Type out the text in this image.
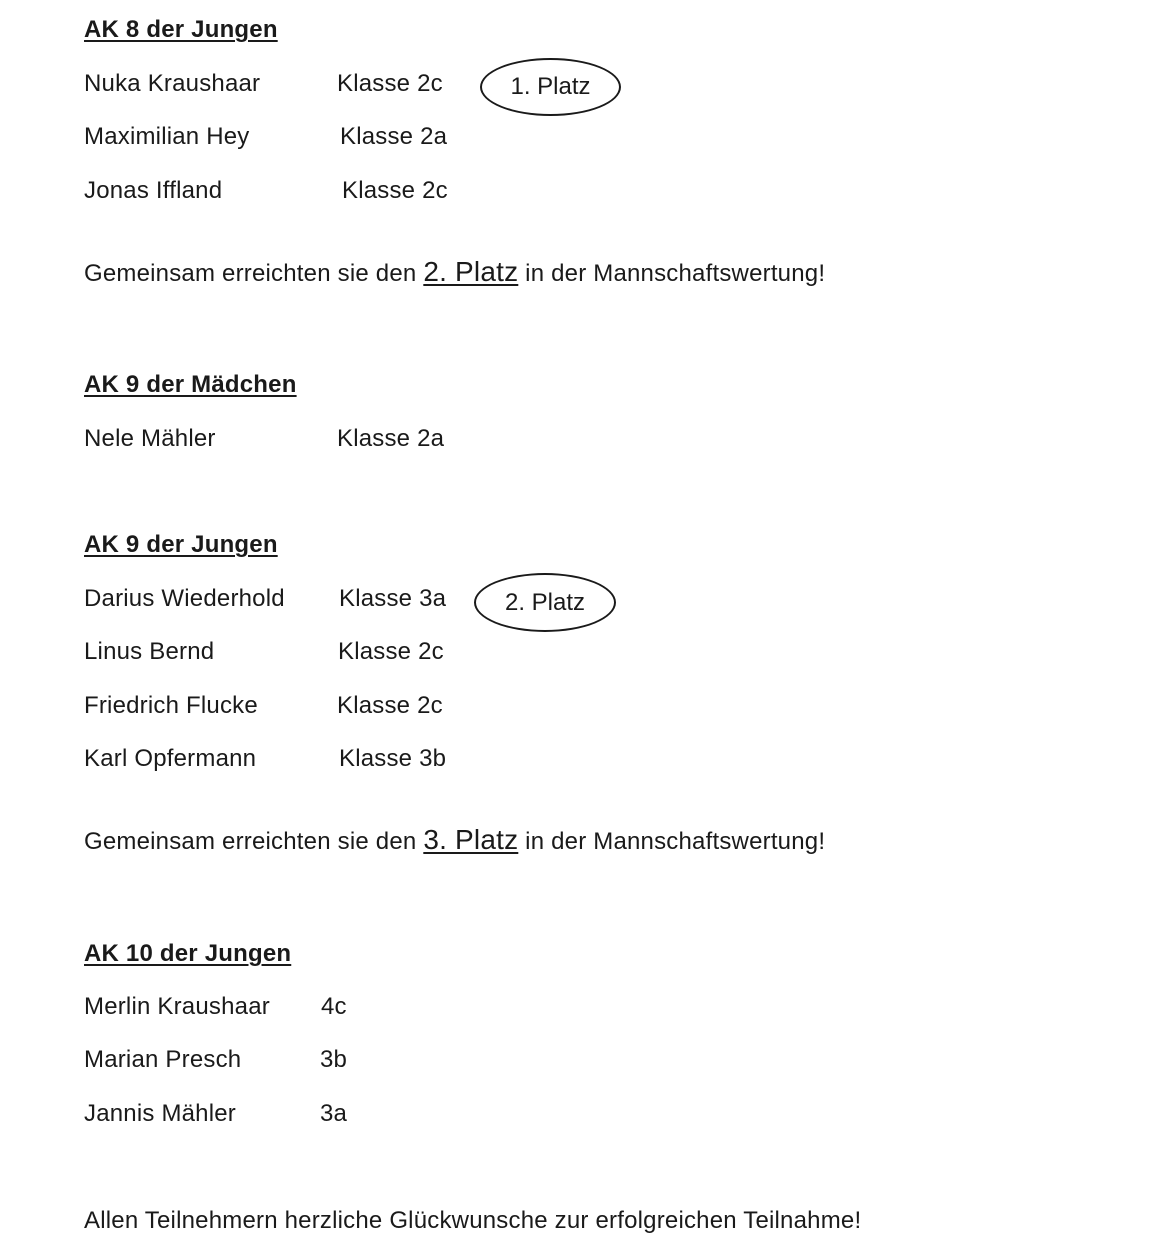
AK 8 der Jungen
Nuka Kraushaar	Klasse 2c	1. Platz
Maximilian Hey	Klasse 2a
Jonas Iffland	Klasse 2c
Gemeinsam erreichten sie den 2. Platz in der Mannschaftswertung!
AK 9 der Mädchen
Nele Mähler	Klasse 2a
AK 9 der Jungen
Darius Wiederhold Klasse 3a	2. Platz
Linus Bernd	Klasse 2c
Friedrich Flucke	Klasse 2c
Karl Opfermann	Klasse 3b
Gemeinsam erreichten sie den 3. Platz in der Mannschaftswertung!
AK 10 der Jungen
Merlin Kraushaar 4c
Marian Presch	3b
Jannis Mähler	3a
Allen Teilnehmern herzliche Glückwunsche zur erfolgreichen Teilnahme!
